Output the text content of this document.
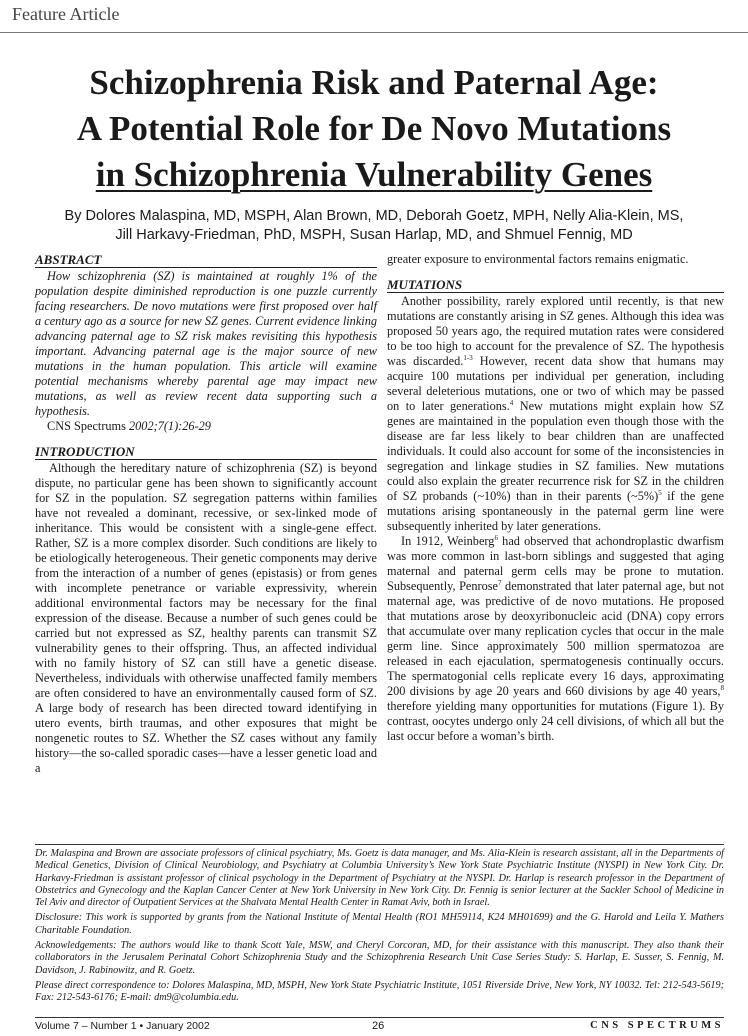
Feature Article
Schizophrenia Risk and Paternal Age:
A Potential Role for De Novo Mutations
in Schizophrenia Vulnerability Genes
By Dolores Malaspina, MD, MSPH, Alan Brown, MD, Deborah Goetz, MPH, Nelly Alia-Klein, MS,
Jill Harkavy-Friedman, PhD, MSPH, Susan Harlap, MD, and Shmuel Fennig, MD
ABSTRACT

How schizophrenia (SZ) is maintained at roughly 1% of the population despite diminished reproduction is one puzzle currently facing researchers. De novo mutations were first proposed over half a century ago as a source for new SZ genes. Current evidence linking advancing paternal age to SZ risk makes revisiting this hypothesis important. Advancing paternal age is the major source of new mutations in the human population. This article will examine potential mechanisms whereby parental age may impact new mutations, as well as review recent data supporting such a hypothesis.

CNS Spectrums 2002;7(1):26-29

INTRODUCTION

Although the hereditary nature of schizophrenia (SZ) is beyond dispute, no particular gene has been shown to significantly account for SZ in the population. SZ segregation patterns within families have not revealed a dominant, recessive, or sex-linked mode of inheritance. This would be consistent with a single-gene effect. Rather, SZ is a more complex disorder. Such conditions are likely to be etiologically heterogeneous. Their genetic components may derive from the interaction of a number of genes (epistasis) or from genes with incomplete penetrance or variable expressivity, wherein additional environmental factors may be necessary for the final expression of the disease. Because a number of such genes could be carried but not expressed as SZ, healthy parents can transmit SZ vulnerability genes to their offspring. Thus, an affected individual with no family history of SZ can still have a genetic disease. Nevertheless, individuals with otherwise unaffected family members are often considered to have an environmentally caused form of SZ. A large body of research has been directed toward identifying in utero events, birth traumas, and other exposures that might be nongenetic routes to SZ. Whether the SZ cases without any family history—the so-called sporadic cases—have a lesser genetic load and a

greater exposure to environmental factors remains enigmatic.

MUTATIONS

Another possibility, rarely explored until recently, is that new mutations are constantly arising in SZ genes. Although this idea was proposed 50 years ago, the required mutation rates were considered to be too high to account for the prevalence of SZ. The hypothesis was discarded.$^{1-3}$ However, recent data show that humans may acquire 100 mutations per individual per generation, including several deleterious mutations, one or two of which may be passed on to later generations.$^4$ New mutations might explain how SZ genes are maintained in the population even though those with the disease are far less likely to bear children than are unaffected individuals. It could also account for some of the inconsistencies in segregation and linkage studies in SZ families. New mutations could also explain the greater recurrence risk for SZ in the children of SZ probands (~10%) than in their parents (~5%)$^5$ if the gene mutations arising spontaneously in the paternal germ line were subsequently inherited by later generations.

In 1912, Weinberg$^6$ had observed that achondroplastic dwarfism was more common in last-born siblings and suggested that aging maternal and paternal germ cells may be prone to mutation. Subsequently, Penrose$^7$ demonstrated that later paternal age, but not maternal age, was predictive of de novo mutations. He proposed that mutations arose by deoxyribonucleic acid (DNA) copy errors that accumulate over many replication cycles that occur in the male germ line. Since approximately 500 million spermatozoa are released in each ejaculation, spermatogenesis continually occurs. The spermatogonial cells replicate every 16 days, approximating 200 divisions by age 20 years and 660 divisions by age 40 years,$^8$ therefore yielding many opportunities for mutations (Figure 1). By contrast, oocytes undergo only 24 cell divisions, of which all but the last occur before a woman’s birth.

Dr. Malaspina and Brown are associate professors of clinical psychiatry, Ms. Goetz is data manager, and Ms. Alia-Klein is research assistant, all in the Departments of Medical Genetics, Division of Clinical Neurobiology, and Psychiatry at Columbia University’s New York State Psychiatric Institute (NYSPI) in New York City. Dr. Harkavy-Friedman is assistant professor of clinical psychology in the Department of Psychiatry at the NYSPI. Dr. Harlap is research professor in the Department of Obstetrics and Gynecology and the Kaplan Cancer Center at New York University in New York City. Dr. Fennig is senior lecturer at the Sackler School of Medicine in Tel Aviv and director of Outpatient Services at the Shalvata Mental Health Center in Ramat Aviv, both in Israel.

Disclosure: This work is supported by grants from the National Institute of Mental Health (RO1 MH59114, K24 MH01699) and the G. Harold and Leila Y. Mathers Charitable Foundation.

Acknowledgements: The authors would like to thank Scott Yale, MSW, and Cheryl Corcoran, MD, for their assistance with this manuscript. They also thank their collaborators in the Jerusalem Perinatal Cohort Schizophrenia Study and the Schizophrenia Research Unit Case Series Study: S. Harlap, E. Susser, S. Fennig, M. Davidson, J. Rabinowitz, and R. Goetz.

Please direct correspondence to: Dolores Malaspina, MD, MSPH, New York State Psychiatric Institute, 1051 Riverside Drive, New York, NY 10032. Tel: 212-543-5619; Fax: 212-543-6176; E-mail: dm9@columbia.edu.

Volume 7 – Number 1 • January 2002	26	CNS SPECTRUMS
